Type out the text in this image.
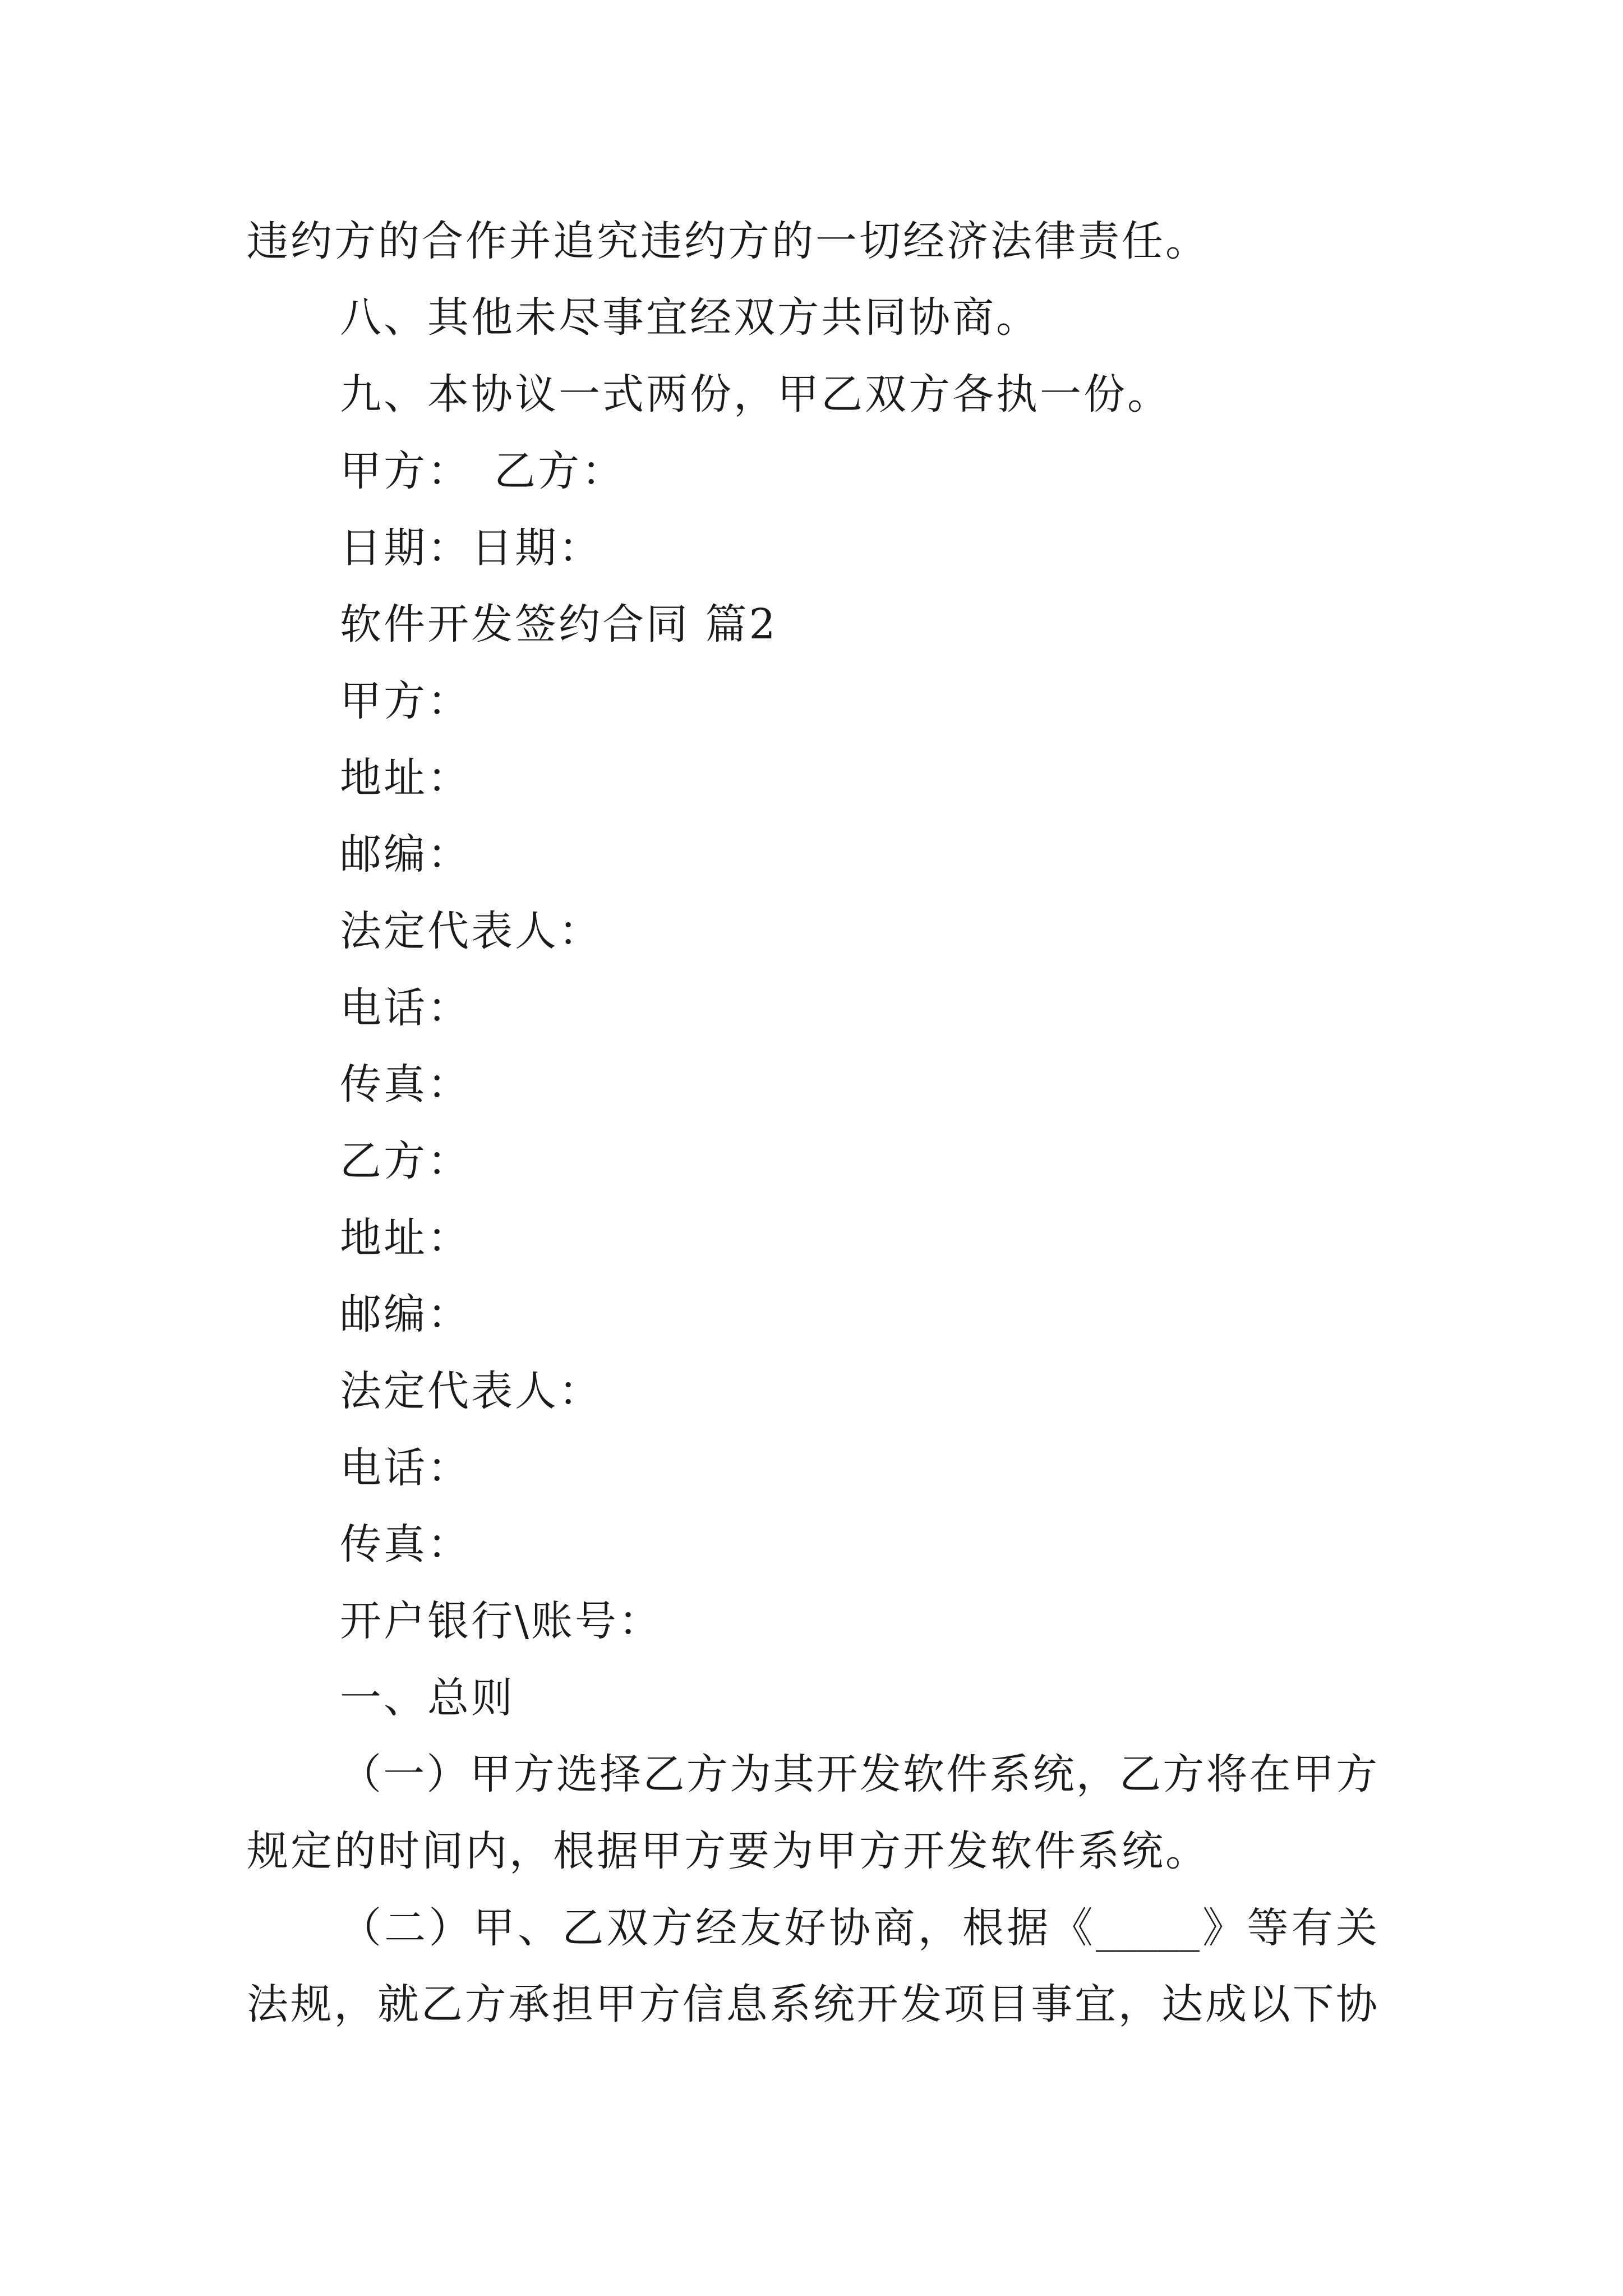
违约方的合作并追究违约方的一切经济法律责任。
八、其他未尽事宜经双方共同协商。
九、本协议一式两份，甲乙双方各执一份。
甲方：　乙方：
日期：日期：
软件开发签约合同 篇2
甲方：
地址：
邮编：
法定代表人：
电话：
传真：
乙方：
地址：
邮编：
法定代表人：
电话：
传真：
开户银行\账号：
一、总则
（一）甲方选择乙方为其开发软件系统，乙方将在甲方
规定的时间内，根据甲方要为甲方开发软件系统。
（二）甲、乙双方经友好协商，根据《_____》等有关
法规，就乙方承担甲方信息系统开发项目事宜，达成以下协
